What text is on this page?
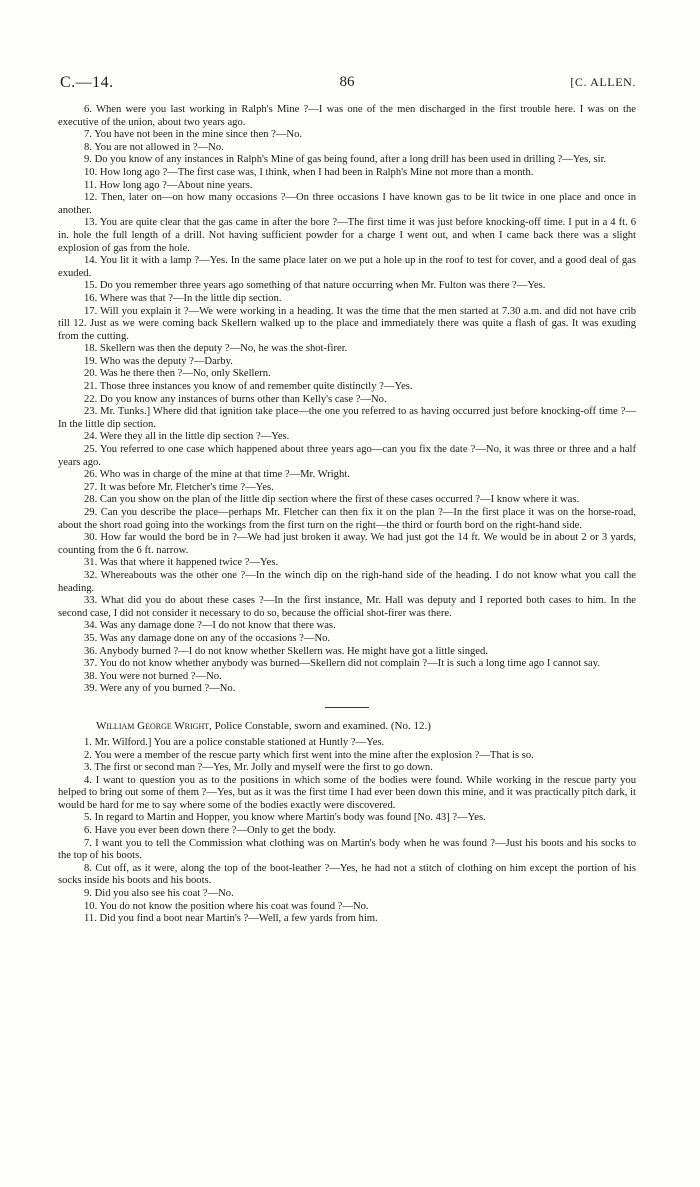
C.—14.	86	[C. ALLEN.

6. When were you last working in Ralph's Mine ?—I was one of the men discharged in the first trouble here. I was on the executive of the union, about two years ago.

7. You have not been in the mine since then ?—No.

8. You are not allowed in ?—No.

9. Do you know of any instances in Ralph's Mine of gas being found, after a long drill has been used in drilling ?—Yes, sir.

10. How long ago ?—The first case was, I think, when I had been in Ralph's Mine not more than a month.

11. How long ago ?—About nine years.

12. Then, later on—on how many occasions ?—On three occasions I have known gas to be lit twice in one place and once in another.

13. You are quite clear that the gas came in after the bore ?—The first time it was just before knocking-off time. I put in a 4 ft. 6 in. hole the full length of a drill. Not having sufficient powder for a charge I went out, and when I came back there was a slight explosion of gas from the hole.

14. You lit it with a lamp ?—Yes. In the same place later on we put a hole up in the roof to test for cover, and a good deal of gas exuded.

15. Do you remember three years ago something of that nature occurring when Mr. Fulton was there ?—Yes.

16. Where was that ?—In the little dip section.

17. Will you explain it ?—We were working in a heading. It was the time that the men started at 7.30 a.m. and did not have crib till 12. Just as we were coming back Skellern walked up to the place and immediately there was quite a flash of gas. It was exuding from the cutting.

18. Skellern was then the deputy ?—No, he was the shot-firer.

19. Who was the deputy ?—Darby.

20. Was he there then ?—No, only Skellern.

21. Those three instances you know of and remember quite distinctly ?—Yes.

22. Do you know any instances of burns other than Kelly's case ?—No.

23. Mr. Tunks.] Where did that ignition take place—the one you referred to as having occurred just before knocking-off time ?—In the little dip section.

24. Were they all in the little dip section ?—Yes.

25. You referred to one case which happened about three years ago—can you fix the date ?—No, it was three or three and a half years ago.

26. Who was in charge of the mine at that time ?—Mr. Wright.

27. It was before Mr. Fletcher's time ?—Yes.

28. Can you show on the plan of the little dip section where the first of these cases occurred ?—I know where it was.

29. Can you describe the place—perhaps Mr. Fletcher can then fix it on the plan ?—In the first place it was on the horse-road, about the short road going into the workings from the first turn on the right—the third or fourth bord on the right-hand side.

30. How far would the bord be in ?—We had just broken it away. We had just got the 14 ft. We would be in about 2 or 3 yards, counting from the 6 ft. narrow.

31. Was that where it happened twice ?—Yes.

32. Whereabouts was the other one ?—In the winch dip on the righ-hand side of the heading. I do not know what you call the heading.

33. What did you do about these cases ?—In the first instance, Mr. Hall was deputy and I reported both cases to him. In the second case, I did not consider it necessary to do so, because the official shot-firer was there.

34. Was any damage done ?—I do not know that there was.

35. Was any damage done on any of the occasions ?—No.

36. Anybody burned ?—I do not know whether Skellern was. He might have got a little singed.

37. You do not know whether anybody was burned—Skellern did not complain ?—It is such a long time ago I cannot say.

38. You were not burned ?—No.

39. Were any of you burned ?—No.

William George Wright, Police Constable, sworn and examined. (No. 12.)

1. Mr. Wilford.] You are a police constable stationed at Huntly ?—Yes.

2. You were a member of the rescue party which first went into the mine after the explosion ?—That is so.

3. The first or second man ?—Yes, Mr. Jolly and myself were the first to go down.

4. I want to question you as to the positions in which some of the bodies were found. While working in the rescue party you helped to bring out some of them ?—Yes, but as it was the first time I had ever been down this mine, and it was practically pitch dark, it would be hard for me to say where some of the bodies exactly were discovered.

5. In regard to Martin and Hopper, you know where Martin's body was found [No. 43] ?—Yes.

6. Have you ever been down there ?—Only to get the body.

7. I want you to tell the Commission what clothing was on Martin's body when he was found ?—Just his boots and his socks to the top of his boots.

8. Cut off, as it were, along the top of the boot-leather ?—Yes, he had not a stitch of clothing on him except the portion of his socks inside his boots and his boots.

9. Did you also see his coat ?—No.

10. You do not know the position where his coat was found ?—No.

11. Did you find a boot near Martin's ?—Well, a few yards from him.
